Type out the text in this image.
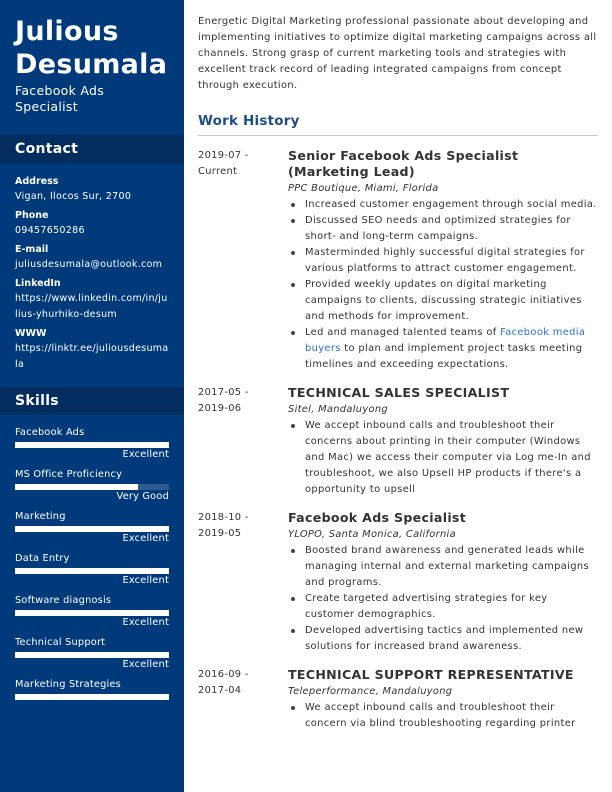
Julious
Desumala
Facebook Ads
Specialist
Contact
Address
Vigan, Ilocos Sur, 2700
Phone
09457650286
E-mail
juliusdesumala@outlook.com
LinkedIn
https://www.linkedin.com/in/julius-yhurhiko-desum
WWW
https://linktr.ee/juliousdesumala
Skills
Facebook Ads
Excellent
MS Office Proficiency
Very Good
Marketing
Excellent
Data Entry
Excellent
Software diagnosis
Excellent
Technical Support
Excellent
Marketing Strategies
Energetic Digital Marketing professional passionate about developing and implementing initiatives to optimize digital marketing campaigns across all channels. Strong grasp of current marketing tools and strategies with excellent track record of leading integrated campaigns from concept through execution.
Work History
2019-07 -
Current
Senior Facebook Ads Specialist (Marketing Lead)
PPC Boutique, Miami, Florida
Increased customer engagement through social media.
Discussed SEO needs and optimized strategies for short- and long-term campaigns.
Masterminded highly successful digital strategies for various platforms to attract customer engagement.
Provided weekly updates on digital marketing campaigns to clients, discussing strategic initiatives and methods for improvement.
Led and managed talented teams of Facebook media buyers to plan and implement project tasks meeting timelines and exceeding expectations.
2017-05 -
2019-06
TECHNICAL SALES SPECIALIST
Sitel, Mandaluyong
We accept inbound calls and troubleshoot their concerns about printing in their computer (Windows and Mac) we access their computer via Log me-In and troubleshoot, we also Upsell HP products if there's a opportunity to upsell
2018-10 -
2019-05
Facebook Ads Specialist
YLOPO, Santa Monica, California
Boosted brand awareness and generated leads while managing internal and external marketing campaigns and programs.
Create targeted advertising strategies for key customer demographics.
Developed advertising tactics and implemented new solutions for increased brand awareness.
2016-09 -
2017-04
TECHNICAL SUPPORT REPRESENTATIVE
Teleperformance, Mandaluyong
We accept inbound calls and troubleshoot their concern via blind troubleshooting regarding printer
